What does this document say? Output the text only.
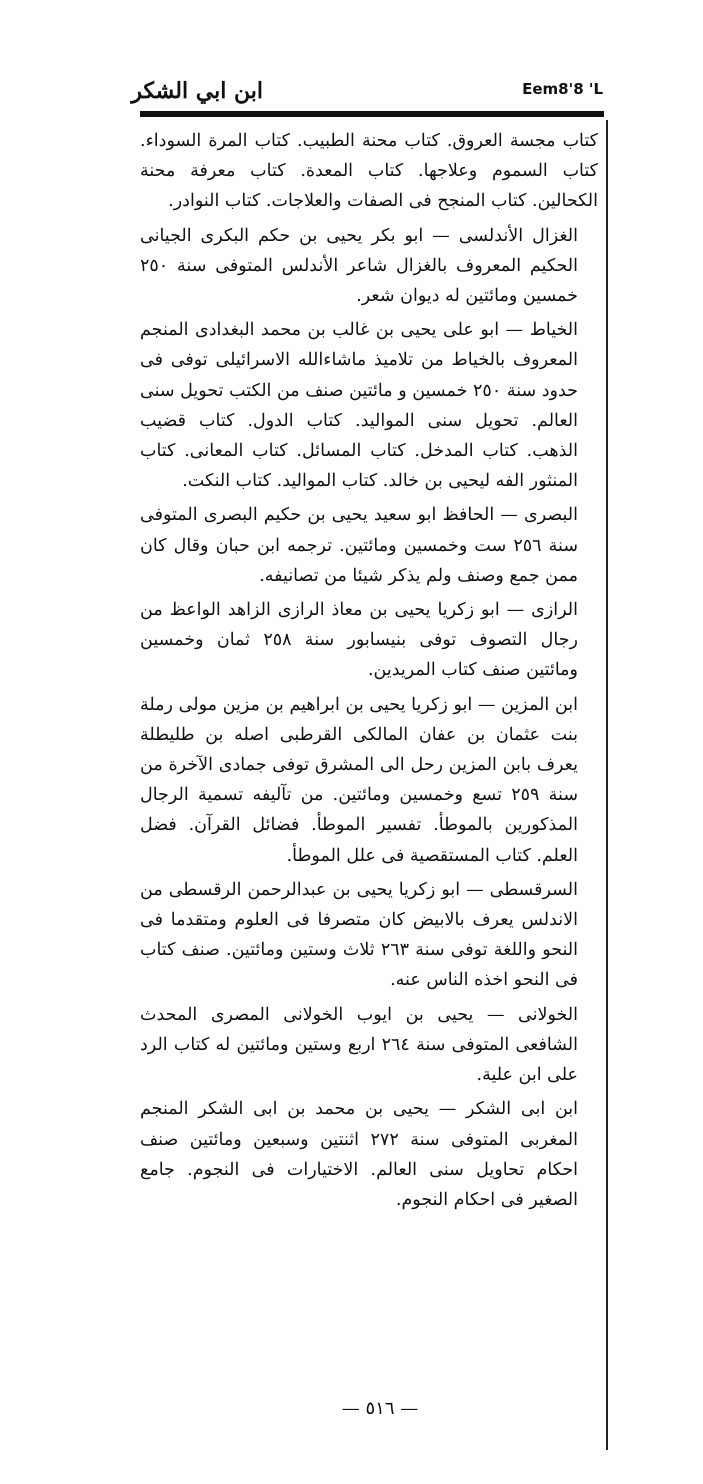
ابن ابي الشكر	Eem8'8 'L

كتاب مجسة العروق. كتاب محنة الطبيب. كتاب المرة السوداء. كتاب السموم وعلاجها. كتاب المعدة. كتاب معرفة محنة الكحالين. كتاب المنجح فى الصفات والعلاجات. كتاب النوادر.

الغزال الأندلسى — ابو بكر يحيى بن حكم البكرى الجيانى الحكيم المعروف بالغزال شاعر الأندلس المتوفى سنة ٢٥٠ خمسين ومائتين له ديوان شعر.

الخياط — ابو على يحيى بن غالب بن محمد البغدادى المنجم المعروف بالخياط من تلاميذ ماشاءالله الاسرائيلى توفى فى حدود سنة ٢٥٠ خمسين و مائتين صنف من الكتب تحويل سنى العالم. تحويل سنى المواليد. كتاب الدول. كتاب قضيب الذهب. كتاب المدخل. كتاب المسائل. كتاب المعانى. كتاب المنثور الفه ليحيى بن خالد. كتاب المواليد. كتاب النكت.

البصرى — الحافظ ابو سعيد يحيى بن حكيم البصرى المتوفى سنة ٢٥٦ ست وخمسين ومائتين. ترجمه ابن حبان وقال كان ممن جمع وصنف ولم يذكر شيئا من تصانيفه.

الرازى — ابو زكريا يحيى بن معاذ الرازى الزاهد الواعظ من رجال التصوف توفى بنيسابور سنة ٢٥٨ ثمان وخمسين ومائتين صنف كتاب المريدين.

ابن المزين — ابو زكريا يحيى بن ابراهيم بن مزين مولى رملة بنت عثمان بن عفان المالكى القرطبى اصله بن طليطلة يعرف بابن المزين رحل الى المشرق توفى جمادى الآخرة من سنة ٢٥٩ تسع وخمسين ومائتين. من تآليفه تسمية الرجال المذكورين بالموطأ. تفسير الموطأ. فضائل القرآن. فضل العلم. كتاب المستقصية فى علل الموطأ.

السرقسطى — ابو زكريا يحيى بن عبدالرحمن الرقسطى من الاندلس يعرف بالابيض كان متصرفا فى العلوم ومتقدما فى النحو واللغة توفى سنة ٢٦٣ ثلاث وستين ومائتين. صنف كتاب فى النحو اخذه الناس عنه.

الخولانى — يحيى بن ايوب الخولانى المصرى المحدث الشافعى المتوفى سنة ٢٦٤ اربع وستين ومائتين له كتاب الرد على ابن علية.

ابن ابى الشكر — يحيى بن محمد بن ابى الشكر المنجم المغربى المتوفى سنة ٢٧٢ اثنتين وسبعين ومائتين صنف احكام تحاويل سنى العالم. الاختيارات فى النجوم. جامع الصغير فى احكام النجوم.

— ٥١٦ —
